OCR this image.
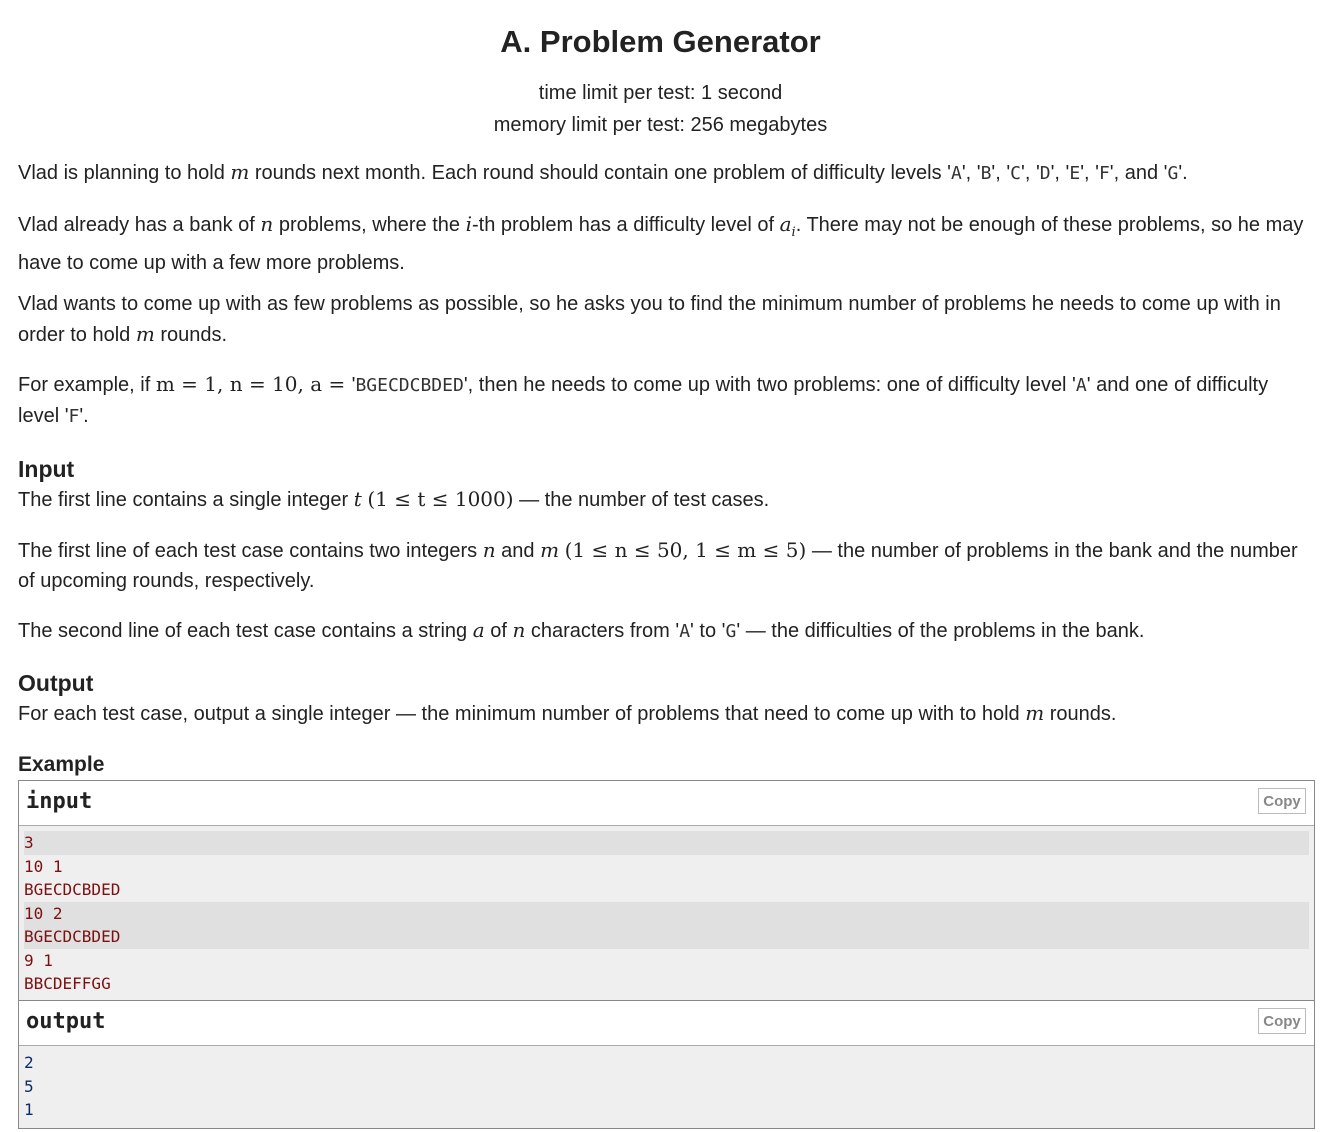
A. Problem Generator
time limit per test: 1 second
memory limit per test: 256 megabytes

Vlad is planning to hold m rounds next month. Each round should contain one problem of difficulty levels 'A', 'B', 'C', 'D', 'E', 'F', and 'G'.

Vlad already has a bank of n problems, where the i-th problem has a difficulty level of $a_i$. There may not be enough of these problems, so he may have to come up with a few more problems.

Vlad wants to come up with as few problems as possible, so he asks you to find the minimum number of problems he needs to come up with in order to hold m rounds.

For example, if m = 1, n = 10, a = 'BGECDCBDED', then he needs to come up with two problems: one of difficulty level 'A' and one of difficulty level 'F'.

Input

The first line contains a single integer t (1 ≤ t ≤ 1000) — the number of test cases.

The first line of each test case contains two integers n and m (1 ≤ n ≤ 50, 1 ≤ m ≤ 5) — the number of problems in the bank and the number of upcoming rounds, respectively.

The second line of each test case contains a string a of n characters from 'A' to 'G' — the difficulties of the problems in the bank.

Output

For each test case, output a single integer — the minimum number of problems that need to come up with to hold m rounds.

Example
input	Copy
3
10 1
BGECDCBDED
10 2
BGECDCBDED
9 1
BBCDEFFGG
output	Copy
2
5
1
